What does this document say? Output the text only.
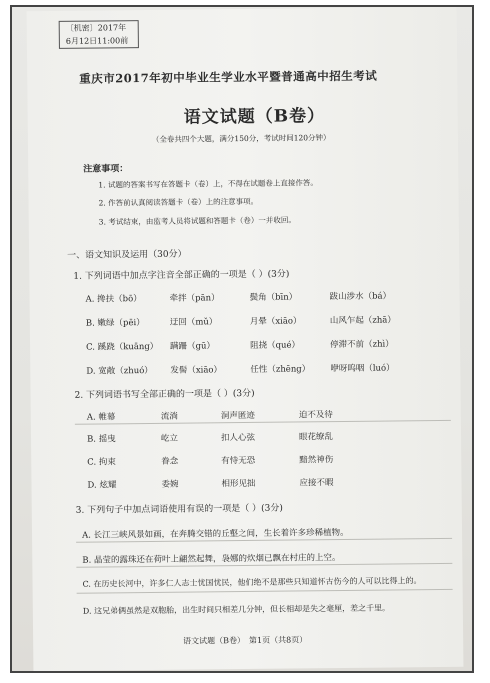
〔机密〕2017年
6月12日11:00前
重庆市2017年初中毕业生学业水平暨普通高中招生考试
语文试题（B卷）
（全卷共四个大题，满分150分，考试时间120分钟）
注意事项：
1. 试题的答案书写在答题卡（卷）上，不得在试题卷上直接作答。
2. 作答前认真阅读答题卡（卷）上的注意事项。
3. 考试结束，由监考人员将试题和答题卡（卷）一并收回。
一、语文知识及运用（30分）
1. 下列词语中加点字注音全部正确的一项是（ ）(3分)
A. 搀扶（bō）	牵拌（pān）	鬓角（bīn）	跋山涉水（bá）
B. 嫩绿（pēi）	迂回（mǔ）	月晕（xiāo）	山风乍起（zhā）
C. 蹊跷（kuāng） 蹒跚（gū）	阻挠（qué）	停滞不前（zhì）
D. 宽敞（zhuó） 发髻（xiāo）	任性（zhēng） 咿呀呜咽（luó）
2. 下列词语书写全部正确的一项是（ ）(3分)
A. 帷幕	流淌	洞声匿迹	迫不及待
B. 摇曳	屹立	扣人心弦	眼花缭乱
C. 拘束	眷念	有恃无恐	黯然神伤
D. 炫耀	委婉	相形见拙	应接不暇
3. 下列句子中加点词语使用有误的一项是（ ）(3分)
A. 长江三峡风景如画，在奔腾交错的丘壑之间，生长着许多珍稀植物。
B. 晶莹的露珠还在荷叶上翩然起舞，袅娜的炊烟已飘在村庄的上空。
C. 在历史长河中，许多仁人志士忧国忧民，他们绝不是那些只知道怀古伤今的人可以比得上的。
D. 这兄弟俩虽然是双胞胎，出生时间只相差几分钟，但长相却是失之毫厘，差之千里。
语文试题（B卷）　第1页（共8页）
